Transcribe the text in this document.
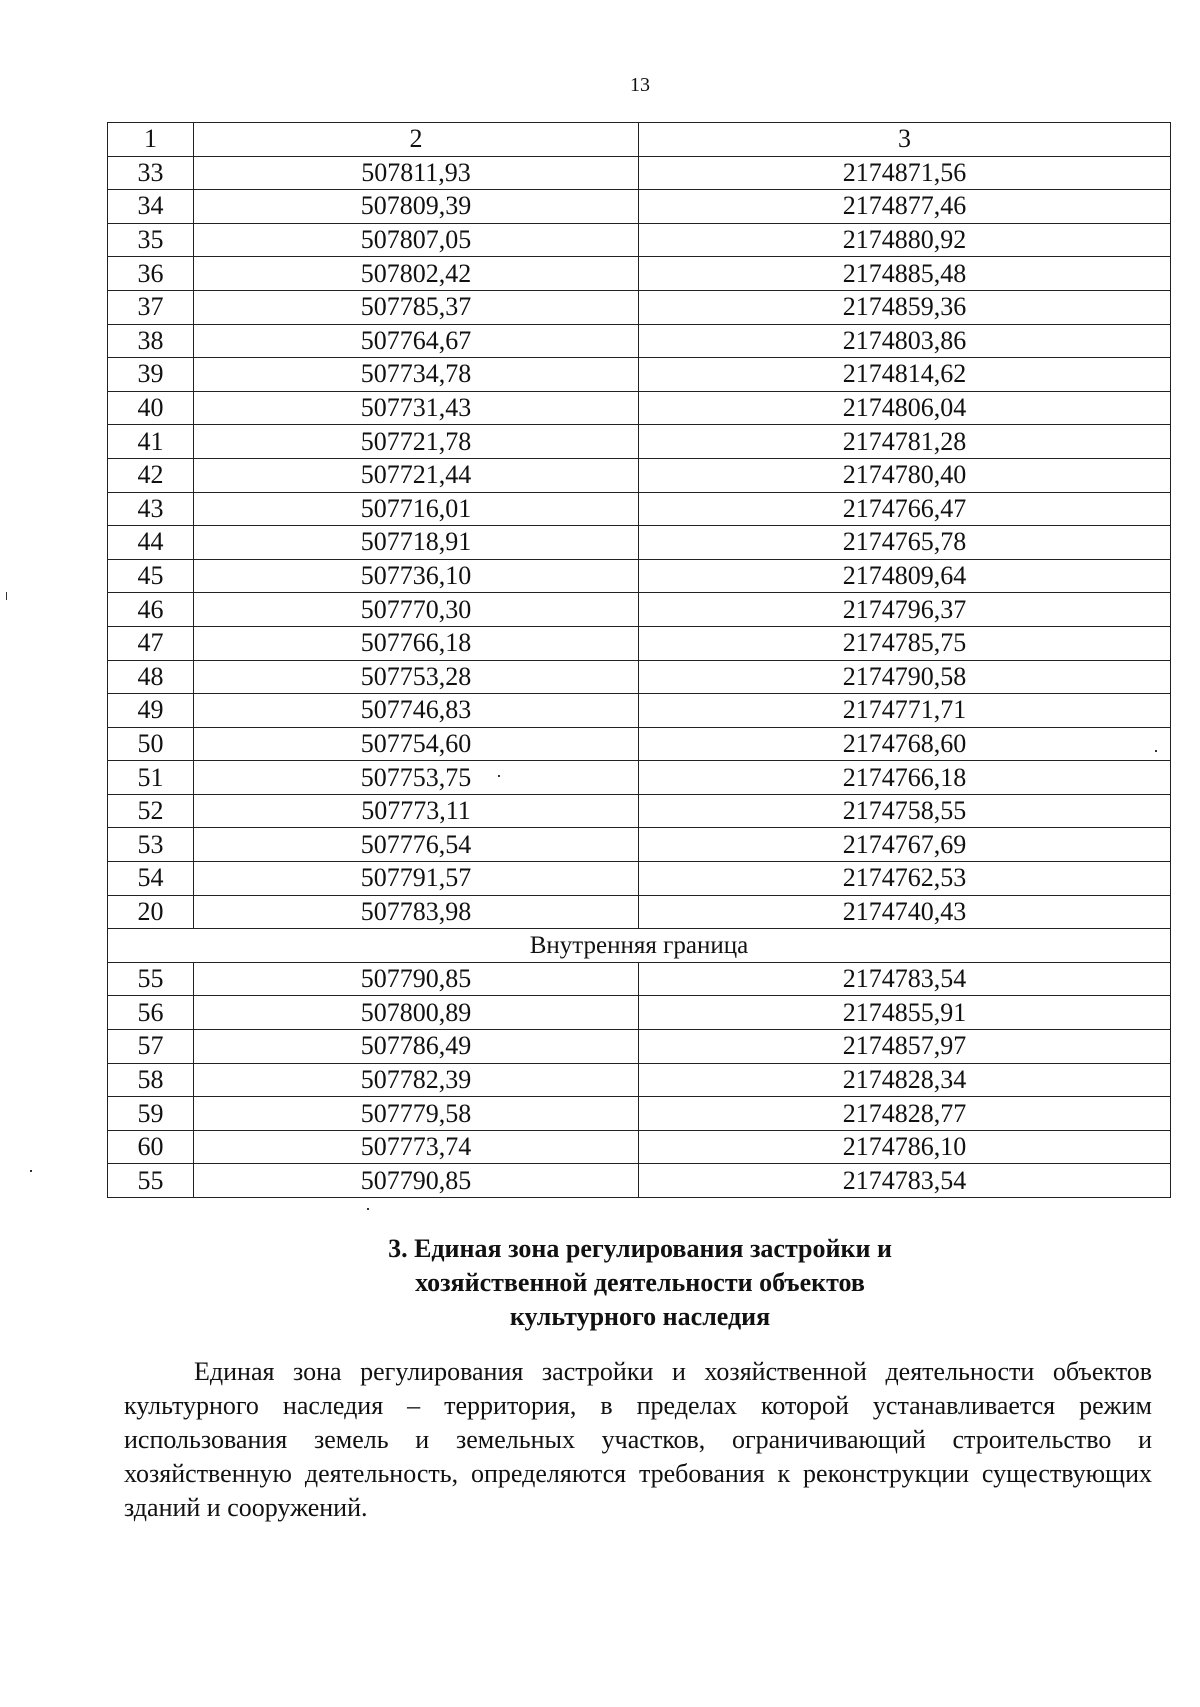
13
1	2	3
33	507811,93	2174871,56
34	507809,39	2174877,46
35	507807,05	2174880,92
36	507802,42	2174885,48
37	507785,37	2174859,36
38	507764,67	2174803,86
39	507734,78	2174814,62
40	507731,43	2174806,04
41	507721,78	2174781,28
42	507721,44	2174780,40
43	507716,01	2174766,47
44	507718,91	2174765,78
45	507736,10	2174809,64
46	507770,30	2174796,37
47	507766,18	2174785,75
48	507753,28	2174790,58
49	507746,83	2174771,71
50	507754,60	2174768,60
51	507753,75	2174766,18
52	507773,11	2174758,55
53	507776,54	2174767,69
54	507791,57	2174762,53
20	507783,98	2174740,43
Внутренняя граница		
55	507790,85	2174783,54
56	507800,89	2174855,91
57	507786,49	2174857,97
58	507782,39	2174828,34
59	507779,58	2174828,77
60	507773,74	2174786,10
55	507790,85	2174783,54
3. Единая зона регулирования застройки и
хозяйственной деятельности объектов
культурного наследия

Единая зона регулирования застройки и хозяйственной деятельности объектов культурного наследия – территория, в пределах которой устанавливается режим использования земель и земельных участков, ограничивающий строительство и хозяйственную деятельность, определяются требования к реконструкции существующих зданий и сооружений.
